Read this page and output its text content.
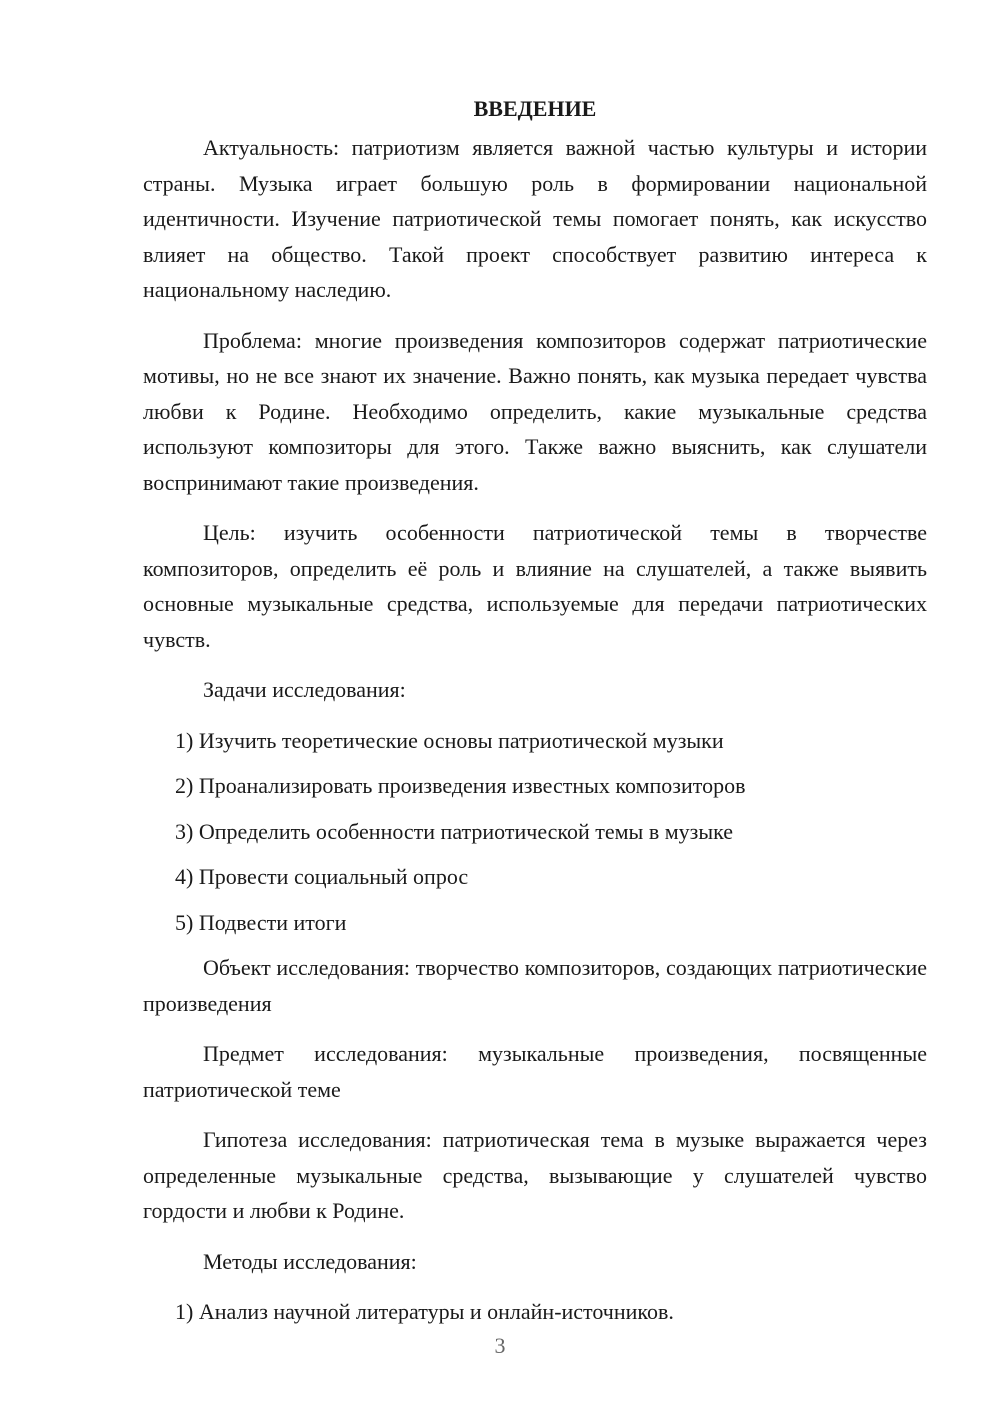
ВВЕДЕНИЕ

Актуальность: патриотизм является важной частью культуры и истории страны. Музыка играет большую роль в формировании национальной идентичности. Изучение патриотической темы помогает понять, как искусство влияет на общество. Такой проект способствует развитию интереса к национальному наследию.

Проблема: многие произведения композиторов содержат патриотические мотивы, но не все знают их значение. Важно понять, как музыка передает чувства любви к Родине. Необходимо определить, какие музыкальные средства используют композиторы для этого. Также важно выяснить, как слушатели воспринимают такие произведения.

Цель: изучить особенности патриотической темы в творчестве композиторов, определить её роль и влияние на слушателей, а также выявить основные музыкальные средства, используемые для передачи патриотических чувств.

Задачи исследования:

1) Изучить теоретические основы патриотической музыки

2) Проанализировать произведения известных композиторов

3) Определить особенности патриотической темы в музыке

4) Провести социальный опрос

5) Подвести итоги

Объект исследования: творчество композиторов, создающих патриотические произведения

Предмет исследования: музыкальные произведения, посвященные патриотической теме

Гипотеза исследования: патриотическая тема в музыке выражается через определенные музыкальные средства, вызывающие у слушателей чувство гордости и любви к Родине.

Методы исследования:

1) Анализ научной литературы и онлайн-источников.

3
